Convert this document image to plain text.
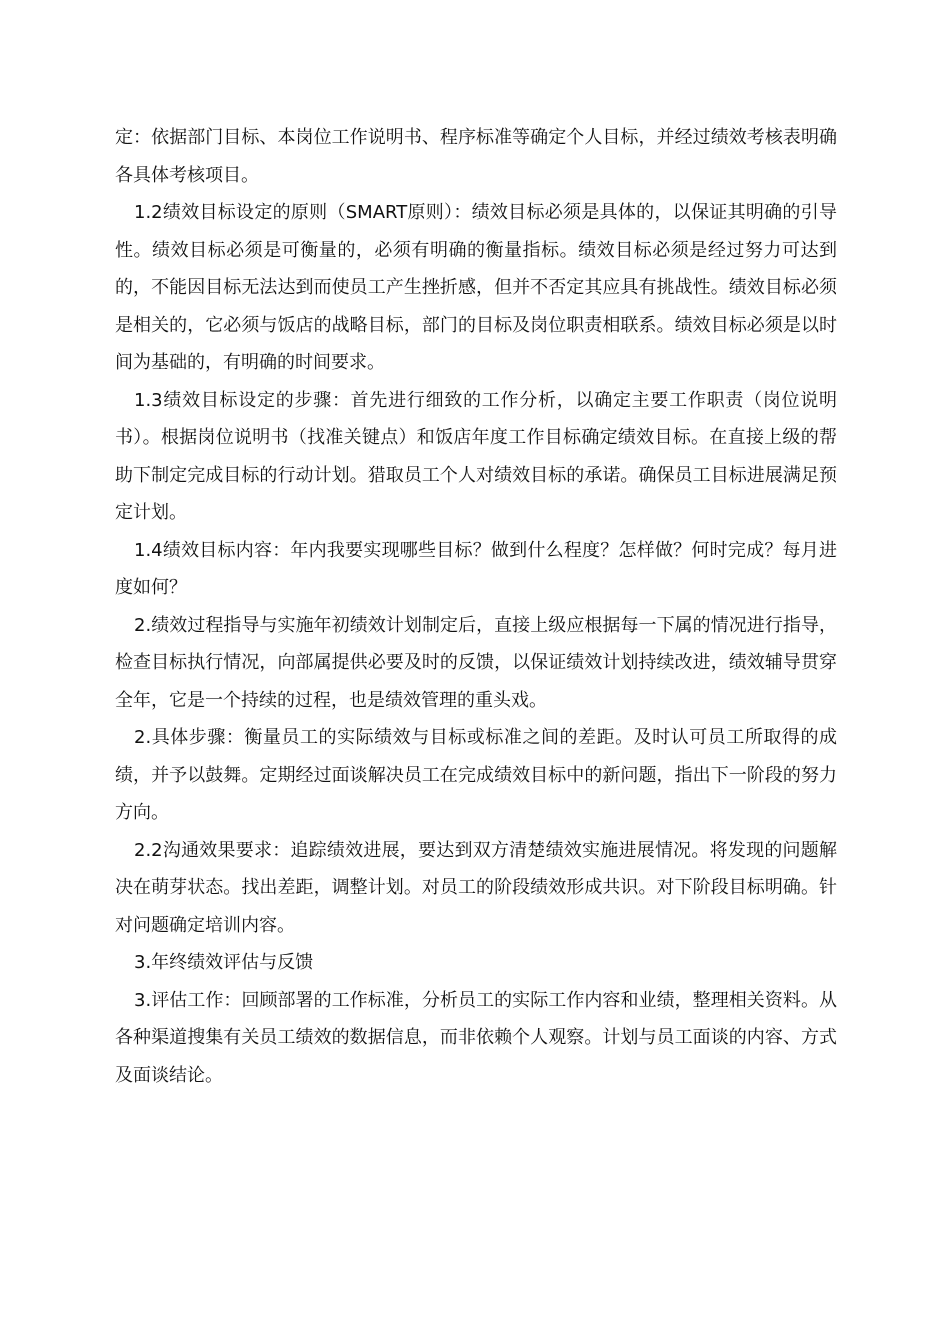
定：依据部门目标、本岗位工作说明书、程序标准等确定个人目标，并经过绩效考核表明确各具体考核项目。

1.2绩效目标设定的原则（SMART原则）：绩效目标必须是具体的，以保证其明确的引导性。绩效目标必须是可衡量的，必须有明确的衡量指标。绩效目标必须是经过努力可达到的，不能因目标无法达到而使员工产生挫折感，但并不否定其应具有挑战性。绩效目标必须是相关的，它必须与饭店的战略目标，部门的目标及岗位职责相联系。绩效目标必须是以时间为基础的，有明确的时间要求。

1.3绩效目标设定的步骤：首先进行细致的工作分析，以确定主要工作职责（岗位说明书）。根据岗位说明书（找准关键点）和饭店年度工作目标确定绩效目标。在直接上级的帮助下制定完成目标的行动计划。猎取员工个人对绩效目标的承诺。确保员工目标进展满足预定计划。

1.4绩效目标内容：年内我要实现哪些目标？做到什么程度？怎样做？何时完成？每月进度如何？

2.绩效过程指导与实施年初绩效计划制定后，直接上级应根据每一下属的情况进行指导，检查目标执行情况，向部属提供必要及时的反馈，以保证绩效计划持续改进，绩效辅导贯穿全年，它是一个持续的过程，也是绩效管理的重头戏。

2.具体步骤：衡量员工的实际绩效与目标或标准之间的差距。及时认可员工所取得的成绩，并予以鼓舞。定期经过面谈解决员工在完成绩效目标中的新问题，指出下一阶段的努力方向。

2.2沟通效果要求：追踪绩效进展，要达到双方清楚绩效实施进展情况。将发现的问题解决在萌芽状态。找出差距，调整计划。对员工的阶段绩效形成共识。对下阶段目标明确。针对问题确定培训内容。

3.年终绩效评估与反馈

3.评估工作：回顾部署的工作标准，分析员工的实际工作内容和业绩，整理相关资料。从各种渠道搜集有关员工绩效的数据信息，而非依赖个人观察。计划与员工面谈的内容、方式及面谈结论。
